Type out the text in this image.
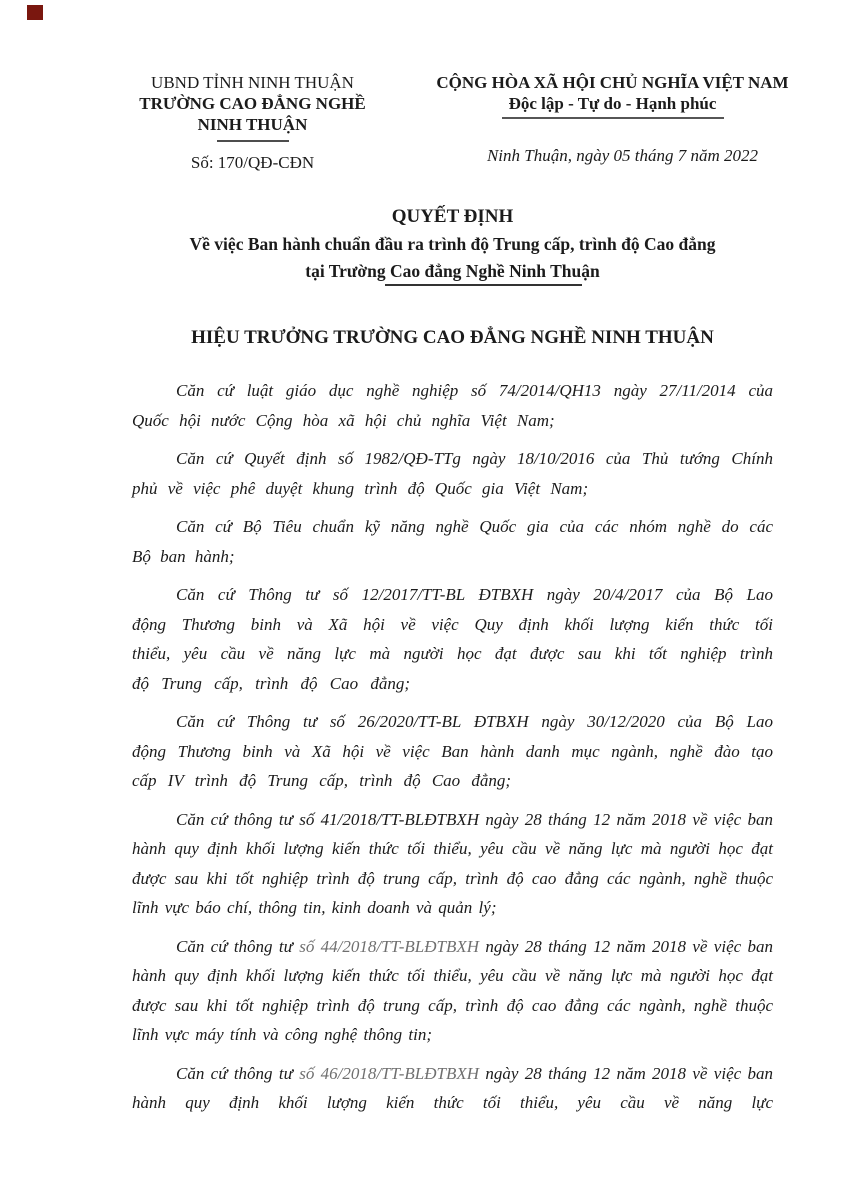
UBND TỈNH NINH THUẬN
TRƯỜNG CAO ĐẲNG NGHỀ
NINH THUẬN
Số: 170/QĐ-CĐN
CỘNG HÒA XÃ HỘI CHỦ NGHĨA VIỆT NAM
Độc lập - Tự do - Hạnh phúc
Ninh Thuận, ngày 05 tháng 7 năm 2022
QUYẾT ĐỊNH
Về việc Ban hành chuẩn đầu ra trình độ Trung cấp, trình độ Cao đẳng
tại Trường Cao đẳng Nghề Ninh Thuận
HIỆU TRƯỞNG TRƯỜNG CAO ĐẲNG NGHỀ NINH THUẬN

Căn cứ luật giáo dục nghề nghiệp số 74/2014/QH13 ngày 27/11/2014 của Quốc hội nước Cộng hòa xã hội chủ nghĩa Việt Nam;

Căn cứ Quyết định số 1982/QĐ-TTg ngày 18/10/2016 của Thủ tướng Chính phủ về việc phê duyệt khung trình độ Quốc gia Việt Nam;

Căn cứ Bộ Tiêu chuẩn kỹ năng nghề Quốc gia của các nhóm nghề do các Bộ ban hành;

Căn cứ Thông tư số 12/2017/TT-BL ĐTBXH ngày 20/4/2017 của Bộ Lao động Thương binh và Xã hội về việc Quy định khối lượng kiến thức tối thiểu, yêu cầu về năng lực mà người học đạt được sau khi tốt nghiệp trình độ Trung cấp, trình độ Cao đẳng;

Căn cứ Thông tư số 26/2020/TT-BL ĐTBXH ngày 30/12/2020 của Bộ Lao động Thương binh và Xã hội về việc Ban hành danh mục ngành, nghề đào tạo cấp IV trình độ Trung cấp, trình độ Cao đẳng;

Căn cứ thông tư số 41/2018/TT-BLĐTBXH ngày 28 tháng 12 năm 2018 về việc ban hành quy định khối lượng kiến thức tối thiểu, yêu cầu về năng lực mà người học đạt được sau khi tốt nghiệp trình độ trung cấp, trình độ cao đẳng các ngành, nghề thuộc lĩnh vực báo chí, thông tin, kinh doanh và quản lý;

Căn cứ thông tư số 44/2018/TT-BLĐTBXH ngày 28 tháng 12 năm 2018 về việc ban hành quy định khối lượng kiến thức tối thiểu, yêu cầu về năng lực mà người học đạt được sau khi tốt nghiệp trình độ trung cấp, trình độ cao đẳng các ngành, nghề thuộc lĩnh vực máy tính và công nghệ thông tin;

Căn cứ thông tư số 46/2018/TT-BLĐTBXH ngày 28 tháng 12 năm 2018 về việc ban hành quy định khối lượng kiến thức tối thiểu, yêu cầu về năng lực
